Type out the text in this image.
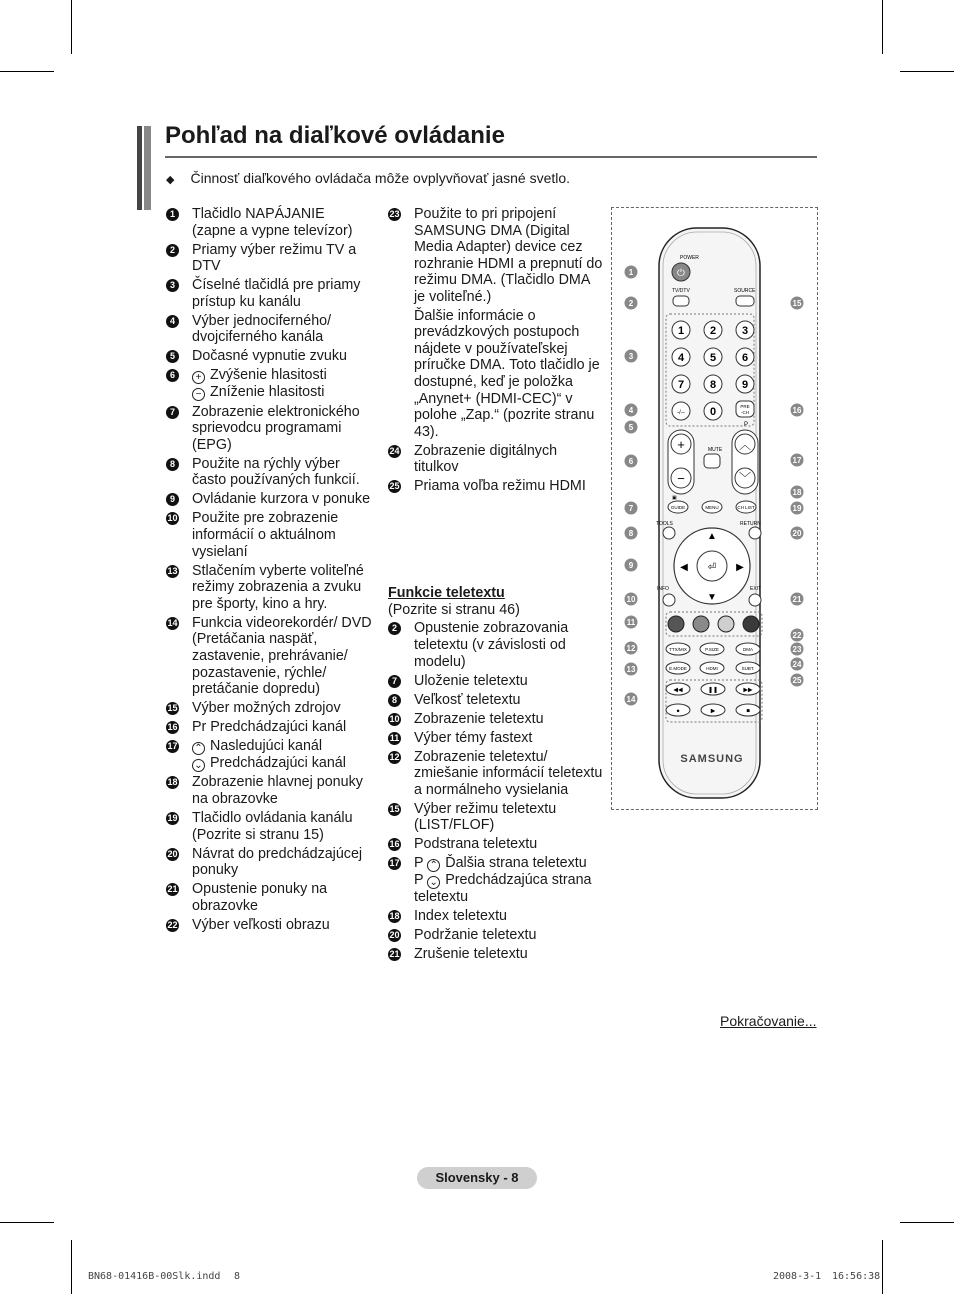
Pohľad na diaľkové ovládanie
◆ Činnosť diaľkového ovládača môže ovplyvňovať jasné svetlo.
1	Tlačidlo NAPÁJANIE
(zapne a vypne televízor)
2	Priamy výber režimu TV a DTV
3	Číselné tlačidlá pre priamy prístup ku kanálu
4	Výber jednociferného/ dvojciferného kanála
5	Dočasné vypnutie zvuku
6	+ Zvýšenie hlasitosti
− Zníženie hlasitosti
7	Zobrazenie elektronického sprievodcu programami (EPG)
8	Použite na rýchly výber často používaných funkcií.
9	Ovládanie kurzora v ponuke
10	Použite pre zobrazenie informácií o aktuálnom vysielaní
13	Stlačením vyberte voliteľné režimy zobrazenia a zvuku pre športy, kino a hry.
14	Funkcia videorekordér/ DVD (Pretáčania naspäť, zastavenie, prehrávanie/ pozastavenie, rýchle/ pretáčanie dopredu)
15	Výber možných zdrojov
16	Pr Predchádzajúci kanál
17	⌃ Nasledujúci kanál
⌄ Predchádzajúci kanál
18	Zobrazenie hlavnej ponuky na obrazovke
19	Tlačidlo ovládania kanálu
(Pozrite si stranu 15)
20	Návrat do predchádzajúcej ponuky
21	Opustenie ponuky na obrazovke
22	Výber veľkosti obrazu
23	Použite to pri pripojení SAMSUNG DMA (Digital Media Adapter) device cez rozhranie HDMI a prepnutí do režimu DMA. (Tlačidlo DMA je voliteľné.)
Ďalšie informácie o prevádzkových postupoch nájdete v používateľskej príručke DMA. Toto tlačidlo je dostupné, keď je položka „Anynet+ (HDMI-CEC)“ v polohe „Zap.“ (pozrite stranu 43).
24	Zobrazenie digitálnych titulkov
25	Priama voľba režimu HDMI
Funkcie teletextu
(Pozrite si stranu 46)
2	Opustenie zobrazovania teletextu (v závislosti od modelu)
7	Uloženie teletextu
8	Veľkosť teletextu
10	Zobrazenie teletextu
11	Výber témy fastext
12	Zobrazenie teletextu/ zmiešanie informácií teletextu a normálneho vysielania
15	Výber režimu teletextu (LIST/FLOF)
16	Podstrana teletextu
17	P ⌃ Ďalšia strana teletextu
P ⌄ Predchádzajúca strana teletextu
18	Index teletextu
20	Podržanie teletextu
21	Zrušenie teletextu
POWER
⏻
TV/DTV	SOURCE
1 2 3
4 5 6
7 8 9
0
-/--
PRE
-CH
+
−
MUTE
P
︿
﹀
▣
GUIDE	MENU	CH LIST
TOOLS	RETURN
⏎
▲
▼
◀	▶
INFO	EXIT
TTX/MIX	P.SIZE	DMA
E.MODE	HDMI	SUBT.
◀◀	❚❚	▶▶
●	▶	■
SAMSUNG
1
2
3
4
5
6
7
8
9
10
11
12
13
14
15
16
17
18
19
20
21
22
23
24
25
Pokračovanie...
Slovensky - 8
BN68-01416B-00Slk.indd 8	2008-3-1 16:56:38
